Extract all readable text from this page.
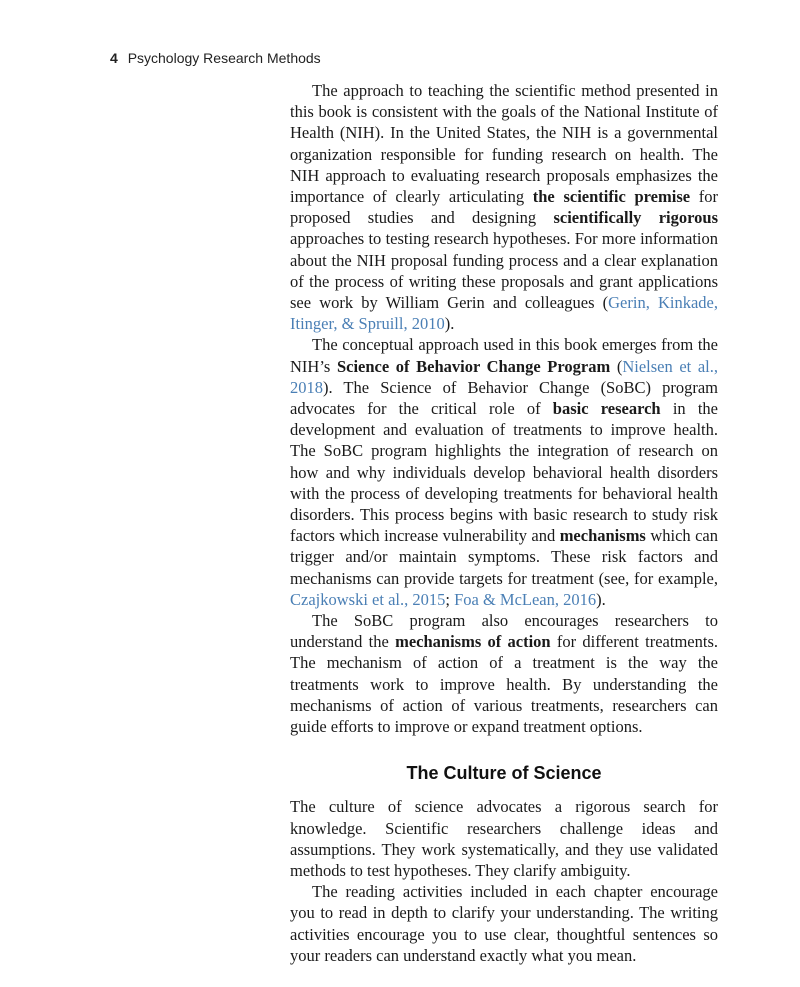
4 Psychology Research Methods

The approach to teaching the scientific method presented in this book is consistent with the goals of the National Institute of Health (NIH). In the United States, the NIH is a governmental organization responsible for funding research on health. The NIH approach to evaluating research proposals emphasizes the importance of clearly articulating the scientific premise for proposed studies and designing scientifically rigorous approaches to testing research hypotheses. For more information about the NIH proposal funding process and a clear explanation of the process of writing these proposals and grant applications see work by William Gerin and colleagues (Gerin, Kinkade, Itinger, & Spruill, 2010).

The conceptual approach used in this book emerges from the NIH’s Science of Behavior Change Program (Nielsen et al., 2018). The Science of Behavior Change (SoBC) program advocates for the critical role of basic research in the development and evaluation of treatments to improve health. The SoBC program highlights the integration of research on how and why individuals develop behavioral health disorders with the process of developing treatments for behavioral health disorders. This process begins with basic research to study risk factors which increase vulnerability and mechanisms which can trigger and/or maintain symptoms. These risk factors and mechanisms can provide targets for treatment (see, for example, Czajkowski et al., 2015; Foa & McLean, 2016).

The SoBC program also encourages researchers to understand the mechanisms of action for different treatments. The mechanism of action of a treatment is the way the treatments work to improve health. By understanding the mechanisms of action of various treatments, researchers can guide efforts to improve or expand treatment options.

The Culture of Science

The culture of science advocates a rigorous search for knowledge. Scientific researchers challenge ideas and assumptions. They work systematically, and they use validated methods to test hypotheses. They clarify ambiguity.

The reading activities included in each chapter encourage you to read in depth to clarify your understanding. The writing activities encourage you to use clear, thoughtful sentences so your readers can understand exactly what you mean.
